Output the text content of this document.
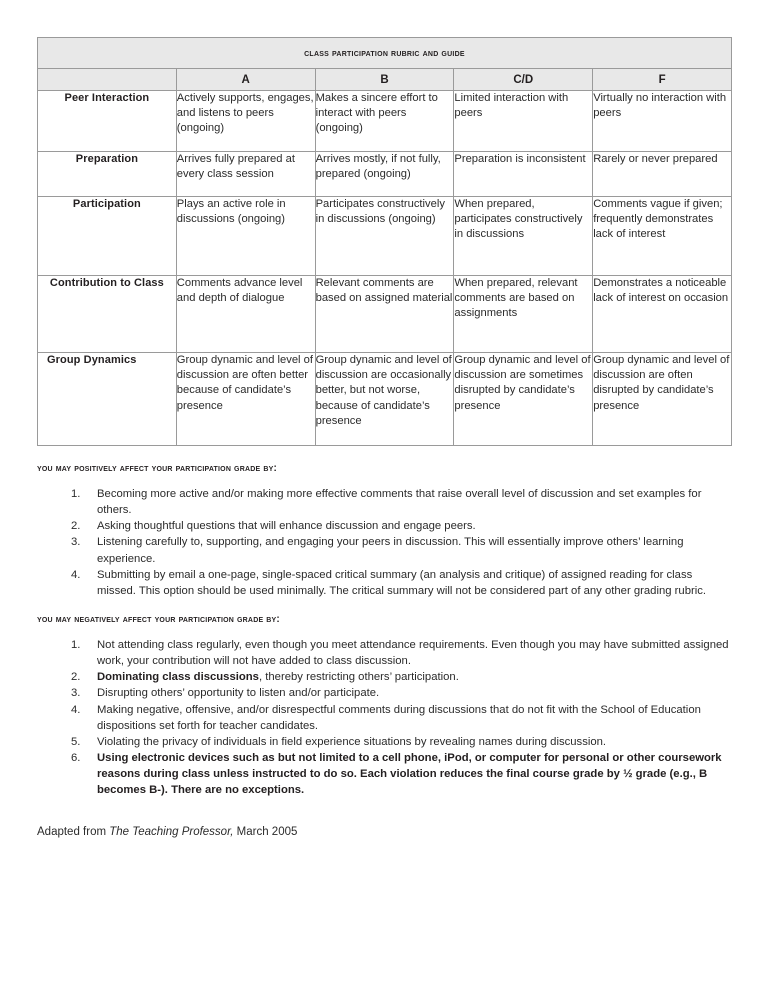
class participation rubric and guide				
	A	B	C/D	F
Peer Interaction	Actively supports, engages, and listens to peers (ongoing)	Makes a sincere effort to interact with peers (ongoing)	Limited interaction with peers	Virtually no interaction with peers
Preparation	Arrives fully prepared at every class session	Arrives mostly, if not fully, prepared (ongoing)	Preparation is inconsistent	Rarely or never prepared
Participation	Plays an active role in discussions (ongoing)	Participates constructively in discussions (ongoing)	When prepared, participates constructively in discussions	Comments vague if given; frequently demonstrates lack of interest
Contribution to Class	Comments advance level and depth of dialogue	Relevant comments are based on assigned material	When prepared, relevant comments are based on assignments	Demonstrates a noticeable lack of interest on occasion
Group Dynamics	Group dynamic and level of discussion are often better because of candidate’s presence	Group dynamic and level of discussion are occasionally better, but not worse, because of candidate’s presence	Group dynamic and level of discussion are sometimes disrupted by candidate’s presence	Group dynamic and level of discussion are often disrupted by candidate’s presence

you may positively affect your participation grade by:

Becoming more active and/or making more effective comments that raise overall level of discussion and set examples for others.
Asking thoughtful questions that will enhance discussion and engage peers.
Listening carefully to, supporting, and engaging your peers in discussion. This will essentially improve others’ learning experience.
Submitting by email a one-page, single-spaced critical summary (an analysis and critique) of assigned reading for class missed. This option should be used minimally. The critical summary will not be considered part of any other grading rubric.

you may negatively affect your participation grade by:

Not attending class regularly, even though you meet attendance requirements. Even though you may have submitted assigned work, your contribution will not have added to class discussion.
Dominating class discussions, thereby restricting others’ participation.
Disrupting others’ opportunity to listen and/or participate.
Making negative, offensive, and/or disrespectful comments during discussions that do not fit with the School of Education dispositions set forth for teacher candidates.
Violating the privacy of individuals in field experience situations by revealing names during discussion.
Using electronic devices such as but not limited to a cell phone, iPod, or computer for personal or other coursework reasons during class unless instructed to do so. Each violation reduces the final course grade by ½ grade (e.g., B becomes B-). There are no exceptions.

Adapted from The Teaching Professor, March 2005
